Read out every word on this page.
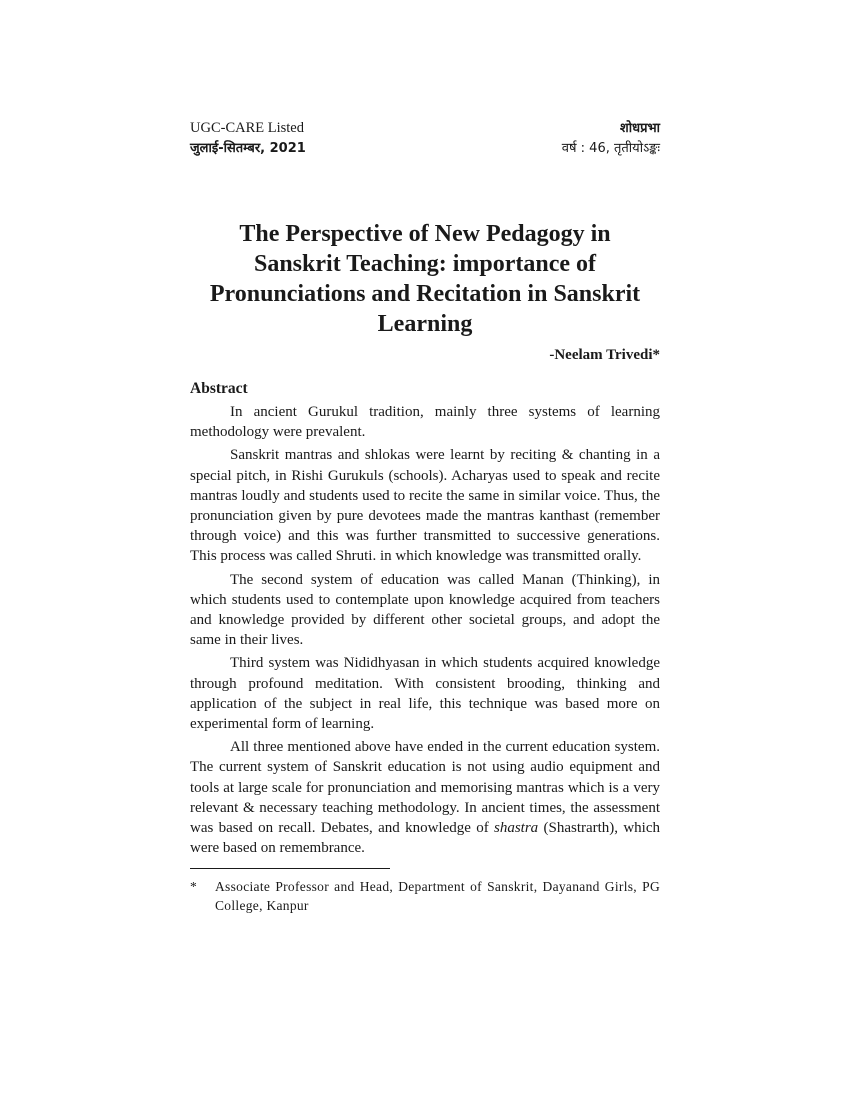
UGC-CARE Listed	शोधप्रभा
जुलाई-सितम्बर, 2021	वर्ष : 46, तृतीयोऽङ्कः
The Perspective of New Pedagogy in Sanskrit Teaching: importance of Pronunciations and Recitation in Sanskrit Learning
-Neelam Trivedi*
Abstract

In ancient Gurukul tradition, mainly three systems of learning methodology were prevalent.

Sanskrit mantras and shlokas were learnt by reciting & chanting in a special pitch, in Rishi Gurukuls (schools). Acharyas used to speak and recite mantras loudly and students used to recite the same in similar voice. Thus, the pronunciation given by pure devotees made the mantras kanthast (remember through voice) and this was further transmitted to successive generations. This process was called Shruti. in which knowledge was transmitted orally.

The second system of education was called Manan (Thinking), in which students used to contemplate upon knowledge acquired from teachers and knowledge provided by different other societal groups, and adopt the same in their lives.

Third system was Nididhyasan in which students acquired knowledge through profound meditation. With consistent brooding, thinking and application of the subject in real life, this technique was based more on experimental form of learning.

All three mentioned above have ended in the current education system. The current system of Sanskrit education is not using audio equipment and tools at large scale for pronunciation and memorising mantras which is a very relevant & necessary teaching methodology. In ancient times, the assessment was based on recall. Debates, and knowledge of shastra (Shastrarth), which were based on remembrance.

*	Associate Professor and Head, Department of Sanskrit, Dayanand Girls, PG College, Kanpur
